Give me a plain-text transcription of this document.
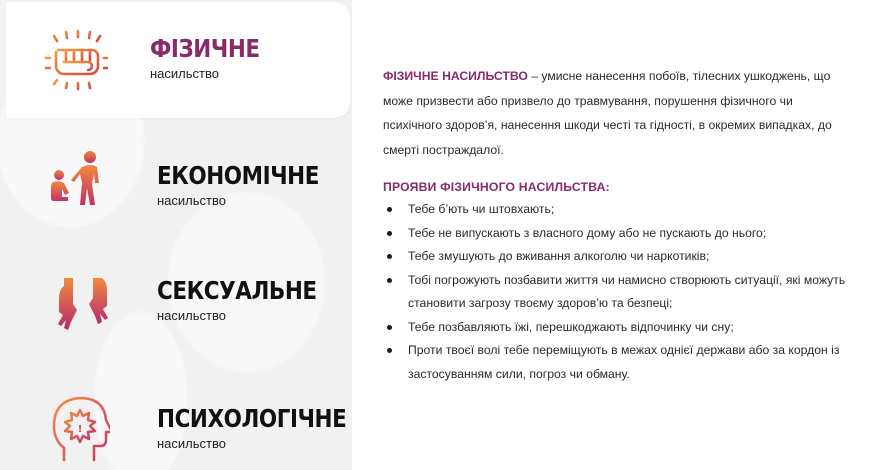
ФІЗИЧНЕ
насильство
ЕКОНОМІЧНЕ
насильство
СЕКСУАЛЬНЕ
насильство
!	ПСИХОЛОГІЧНЕ
насильство

ФІЗИЧНЕ НАСИЛЬСТВО – умисне нанесення побоїв, тілесних ушкоджень, що може призвести або призвело до травмування, порушення фізичного чи психічного здоров’я, нанесення шкоди честі та гідності, в окремих випадках, до смерті постраждалої.

ПРОЯВИ ФІЗИЧНОГО НАСИЛЬСТВА:
Тебе б’ють чи штовхають;
Тебе не випускають з власного дому або не пускають до нього;
Тебе змушують до вживання алкоголю чи наркотиків;
Тобі погрожують позбавити життя чи намисно створюють ситуації, які можуть становити загрозу твоєму здоров’ю та безпеці;
Тебе позбавляють їжі, перешкоджають відпочинку чи сну;
Проти твоєї волі тебе переміщують в межах однієї держави або за кордон із застосуванням сили, погроз чи обману.
